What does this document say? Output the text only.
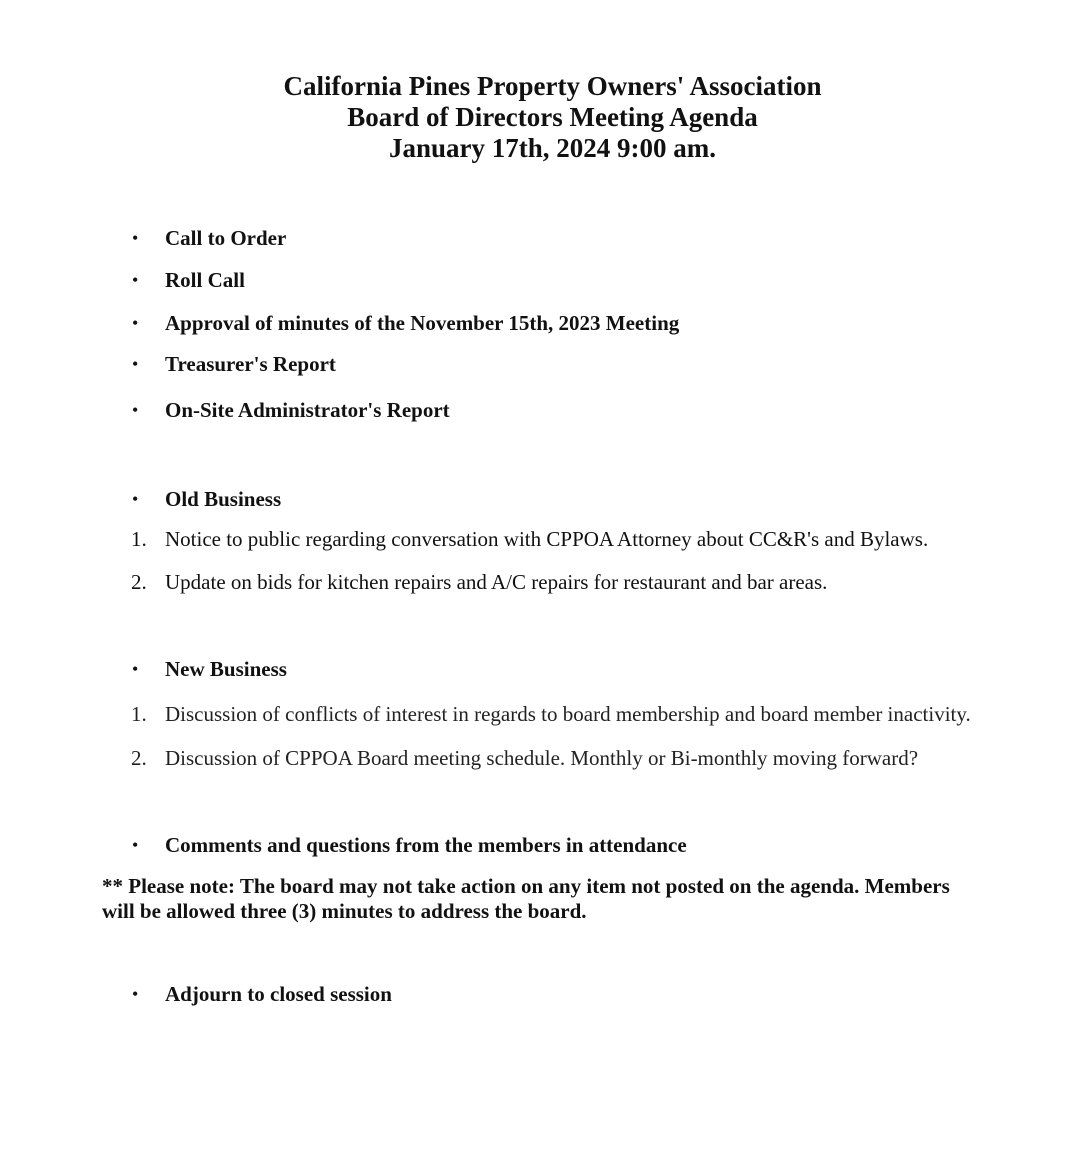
California Pines Property Owners' Association
Board of Directors Meeting Agenda
January 17th, 2024 9:00 am.
•	Call to Order
•	Roll Call
•	Approval of minutes of the November 15th, 2023 Meeting
•	Treasurer's Report
•	On-Site Administrator's Report
•	Old Business
1. Notice to public regarding conversation with CPPOA Attorney about CC&R's and Bylaws.
2. Update on bids for kitchen repairs and A/C repairs for restaurant and bar areas.
•	New Business
1. Discussion of conflicts of interest in regards to board membership and board member inactivity.
2. Discussion of CPPOA Board meeting schedule. Monthly or Bi-monthly moving forward?
•	Comments and questions from the members in attendance
** Please note: The board may not take action on any item not posted on the agenda. Members will be allowed three (3) minutes to address the board.
•	Adjourn to closed session
